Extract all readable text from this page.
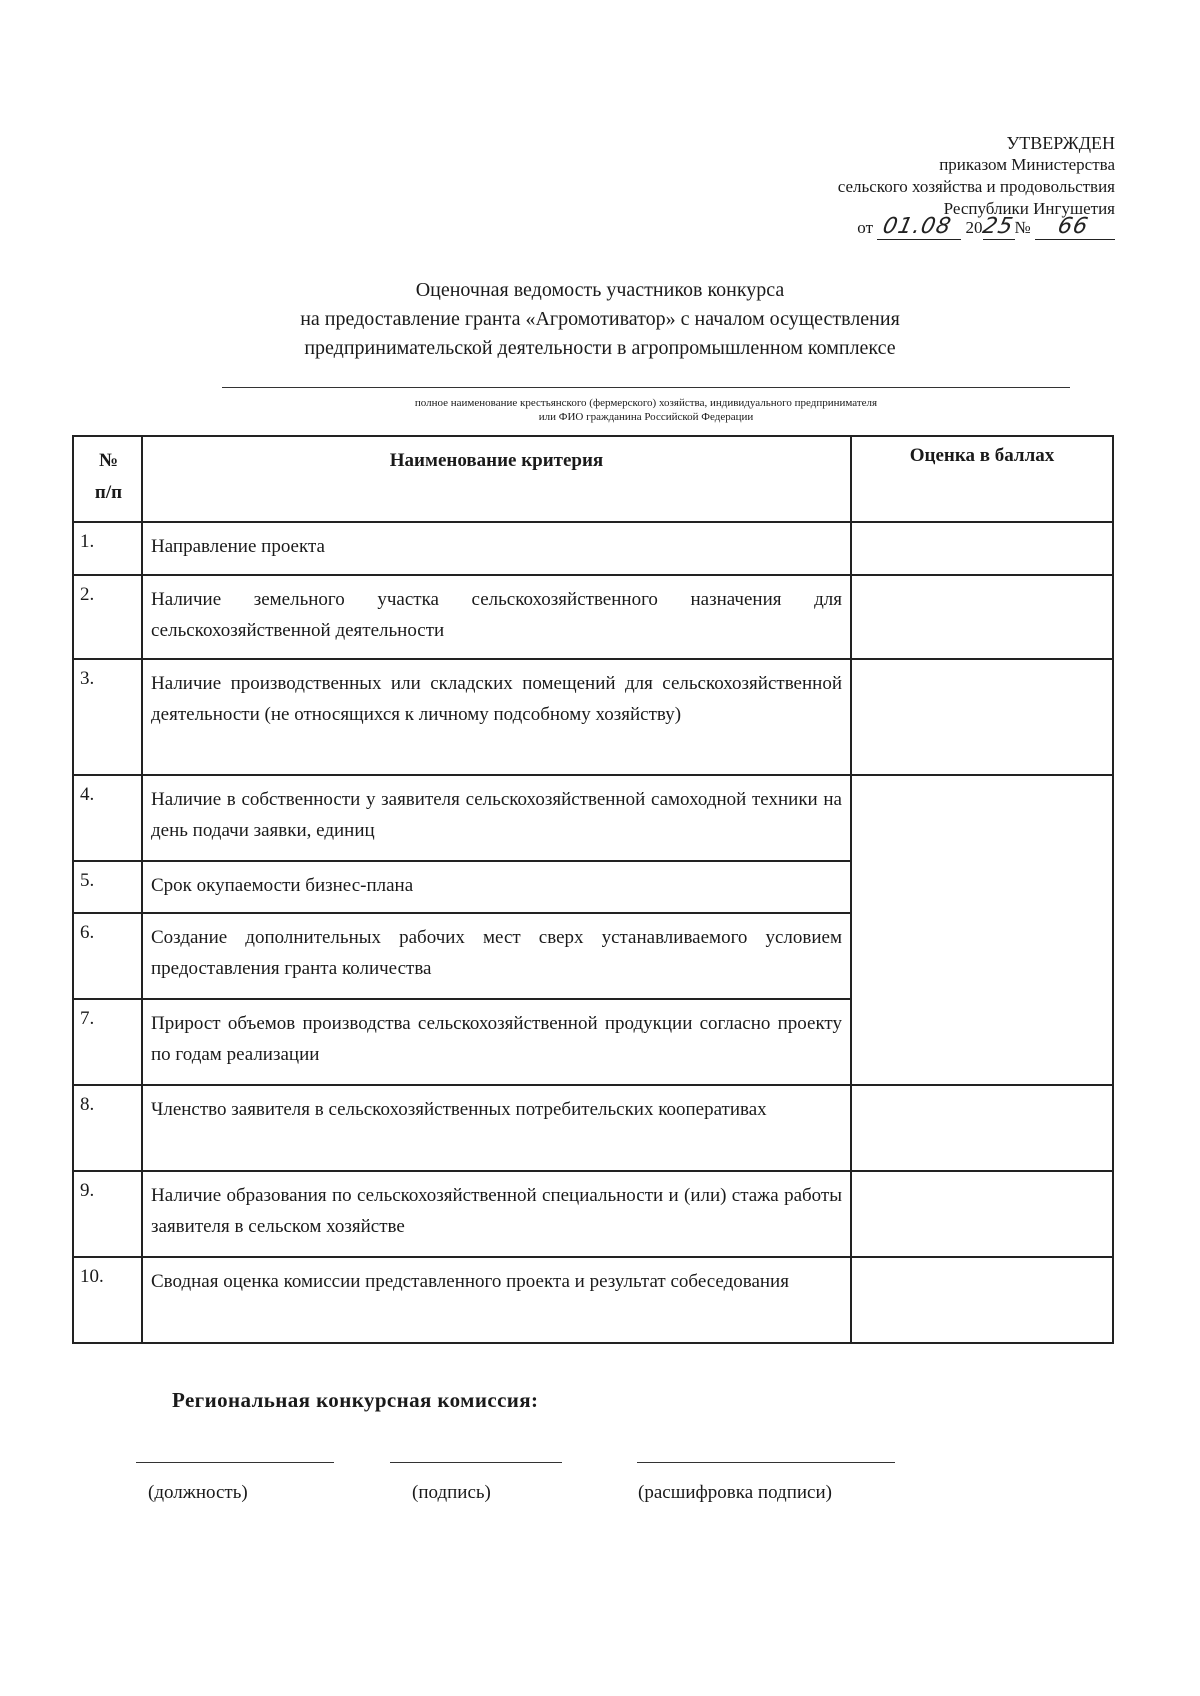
УТВЕРЖДЕН
приказом Министерства
сельского хозяйства и продовольствия
Республики Ингушетия
от 01.08 2025№ 66
Оценочная ведомость участников конкурса
на предоставление гранта «Агромотиватор» с началом осуществления
предпринимательской деятельности в агропромышленном комплексе
полное наименование крестьянского (фермерского) хозяйства, индивидуального предпринимателя
или ФИО гражданина Российской Федерации
№
п/п	Наименование критерия	Оценка в баллах
1.	Направление проекта	
2.	Наличие земельного участка сельскохозяйственного назначения для сельскохозяйственной деятельности	
3.	Наличие производственных или складских помещений для сельскохозяйственной деятельности (не относящихся к личному подсобному хозяйству)	
4.	Наличие в собственности у заявителя сельскохозяйственной самоходной техники на день подачи заявки, единиц	
5.	Срок окупаемости бизнес-плана	
6.	Создание дополнительных рабочих мест сверх устанавливаемого условием предоставления гранта количества	
7.	Прирост объемов производства сельскохозяйственной продукции согласно проекту по годам реализации	
8.	Членство заявителя в сельскохозяйственных потребительских кооперативах	
9.	Наличие образования по сельскохозяйственной специальности и (или) стажа работы заявителя в сельском хозяйстве	
10.	Сводная оценка комиссии представленного проекта и результат собеседования	
Региональная конкурсная комиссия:
(должность)	(подпись)	(расшифровка подписи)
